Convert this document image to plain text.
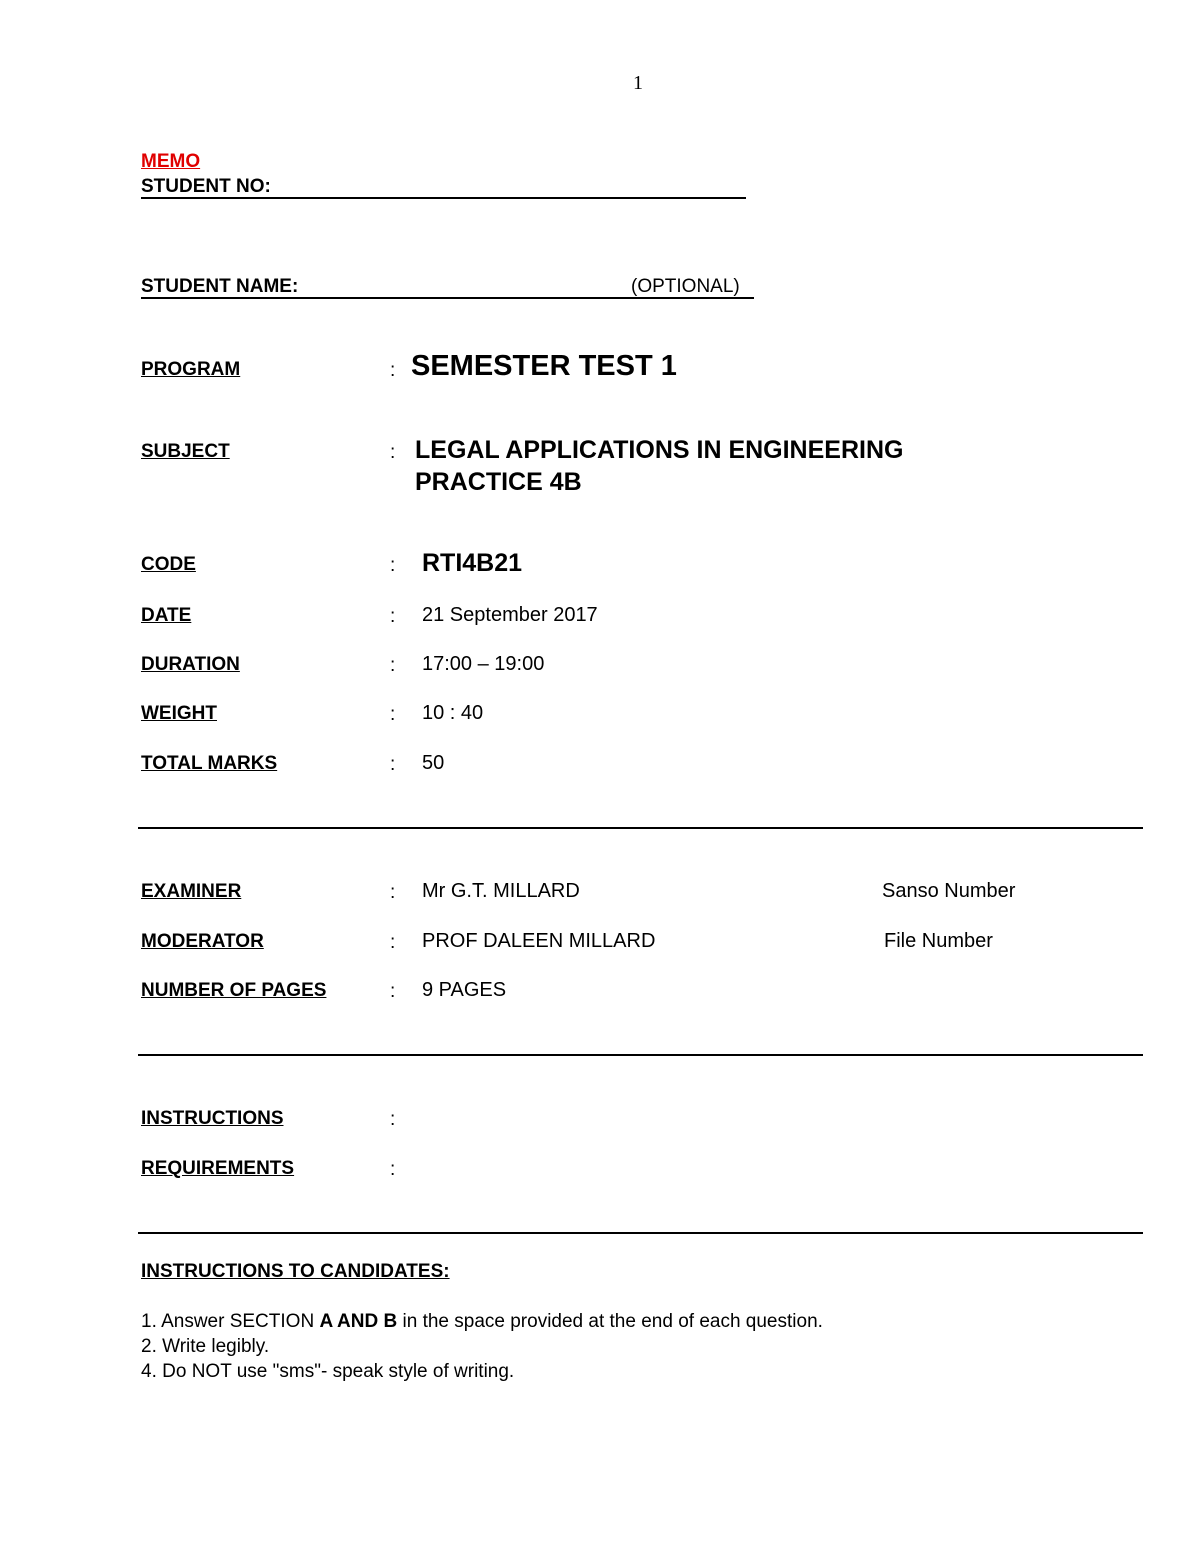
1
MEMO
STUDENT NO:
STUDENT NAME:	(OPTIONAL)
PROGRAM	: SEMESTER TEST 1
SUBJECT	: LEGAL APPLICATIONS IN ENGINEERING
PRACTICE 4B
CODE	: RTI4B21
DATE	: 21 September 2017
DURATION	: 17:00 – 19:00
WEIGHT	: 10 : 40
TOTAL MARKS	: 50
EXAMINER	: Mr G.T. MILLARD	Sanso Number
MODERATOR	: PROF DALEEN MILLARD	File Number
NUMBER OF PAGES	: 9 PAGES
INSTRUCTIONS	:
REQUIREMENTS	:
INSTRUCTIONS TO CANDIDATES:
1. Answer SECTION A AND B in the space provided at the end of each question.
2. Write legibly.
4. Do NOT use "sms"- speak style of writing.
